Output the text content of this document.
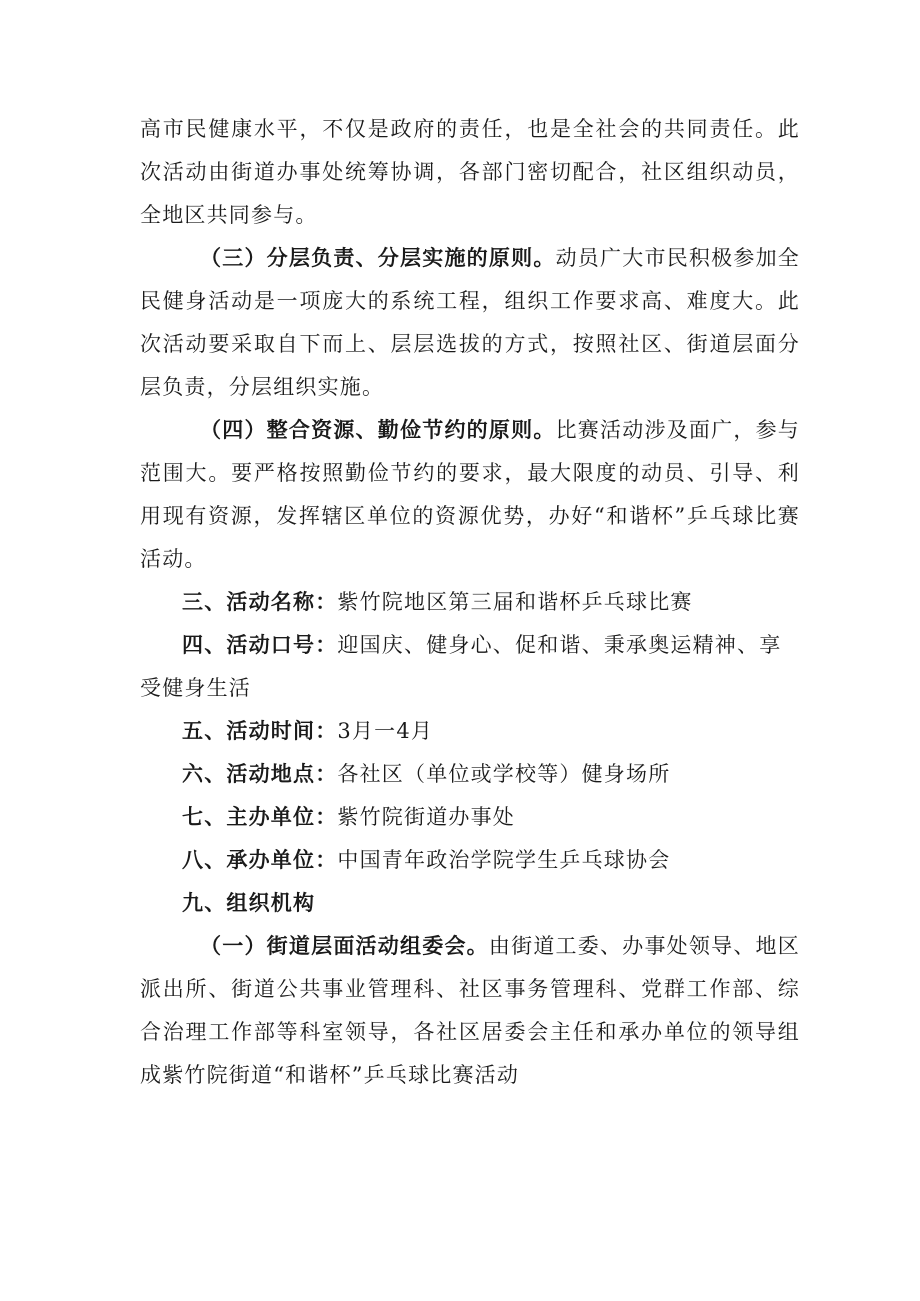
高市民健康水平，不仅是政府的责任，也是全社会的共同责任。此次活动由街道办事处统筹协调，各部门密切配合，社区组织动员，全地区共同参与。

（三）分层负责、分层实施的原则。动员广大市民积极参加全民健身活动是一项庞大的系统工程，组织工作要求高、难度大。此次活动要采取自下而上、层层选拔的方式，按照社区、街道层面分层负责，分层组织实施。

（四）整合资源、勤俭节约的原则。比赛活动涉及面广，参与范围大。要严格按照勤俭节约的要求，最大限度的动员、引导、利用现有资源，发挥辖区单位的资源优势，办好“和谐杯”乒乓球比赛活动。

三、活动名称：紫竹院地区第三届和谐杯乒乓球比赛

四、活动口号：迎国庆、健身心、促和谐、秉承奥运精神、享受健身生活

五、活动时间：3月一4月

六、活动地点：各社区（单位或学校等）健身场所

七、主办单位：紫竹院街道办事处

八、承办单位：中国青年政治学院学生乒乓球协会

九、组织机构

（一）街道层面活动组委会。由街道工委、办事处领导、地区派出所、街道公共事业管理科、社区事务管理科、党群工作部、综合治理工作部等科室领导，各社区居委会主任和承办单位的领导组成紫竹院街道“和谐杯”乒乓球比赛活动
